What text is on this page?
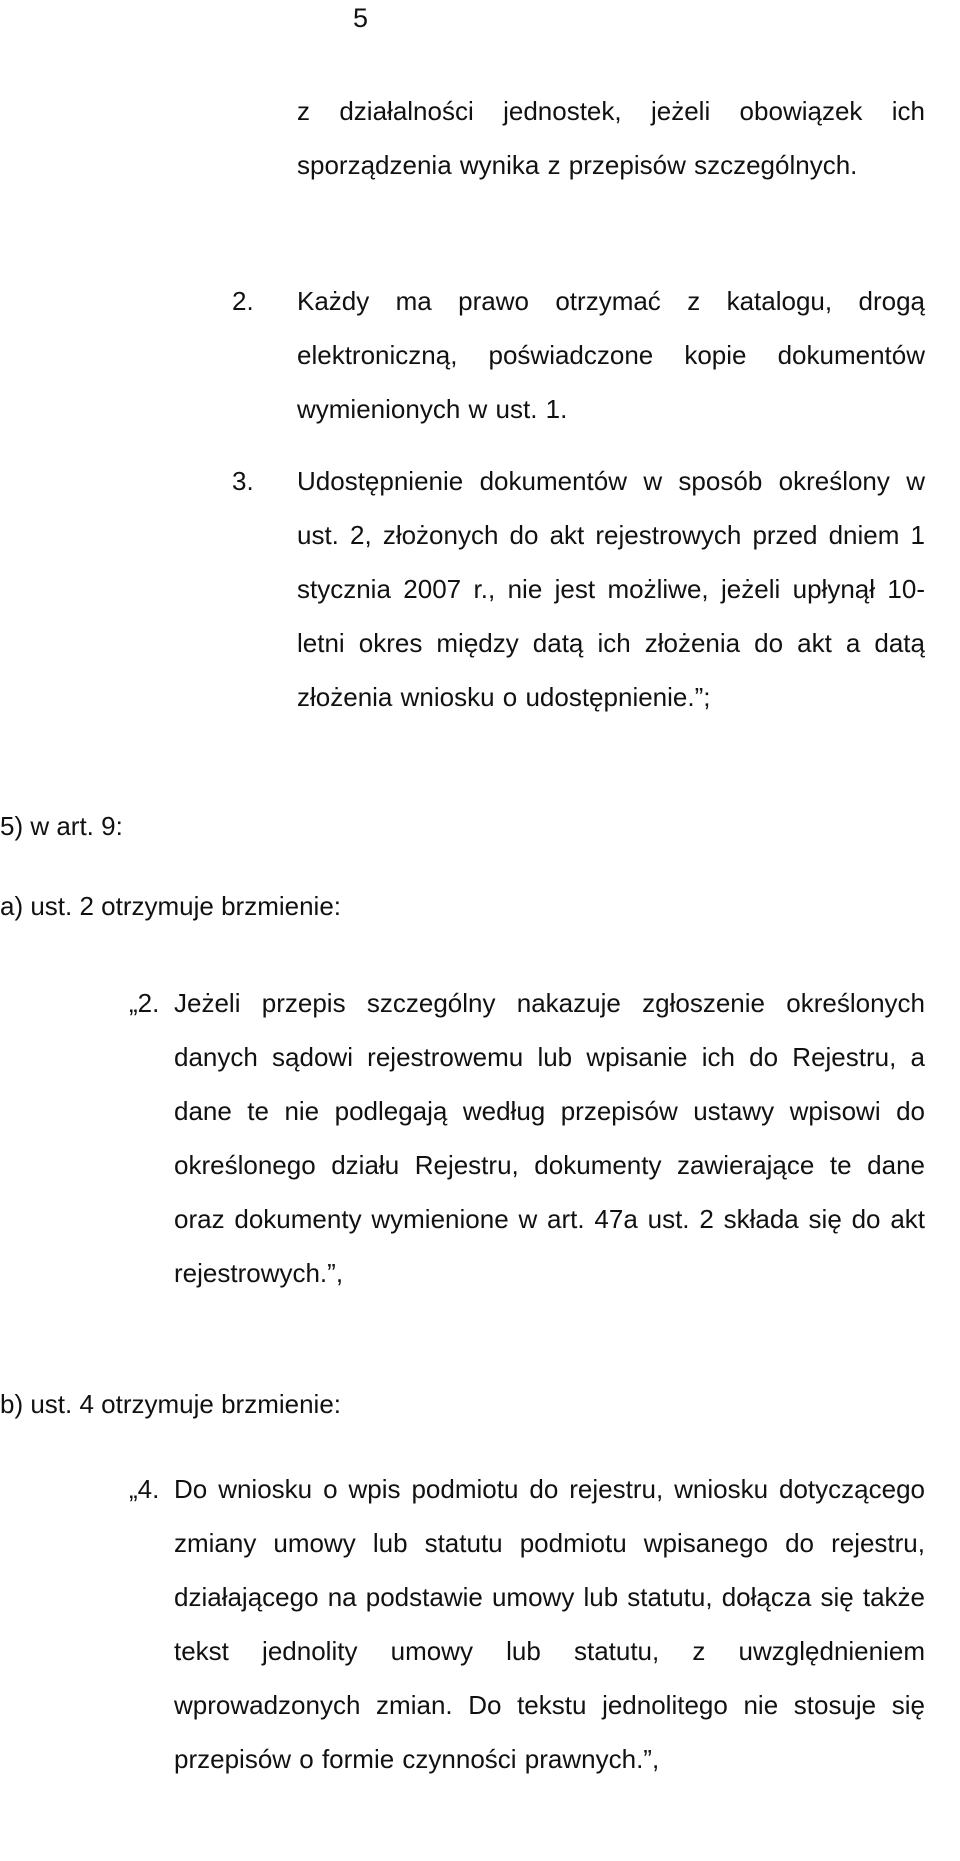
5
z działalności jednostek, jeżeli obowiązek ich sporządzenia wynika z przepisów szczególnych.
2. Każdy ma prawo otrzymać z katalogu, drogą elektroniczną, poświadczone kopie dokumentów wymienionych w ust. 1.
3. Udostępnienie dokumentów w sposób określony w ust. 2, złożonych do akt rejestrowych przed dniem 1 stycznia 2007 r., nie jest możliwe, jeżeli upłynął 10-letni okres między datą ich złożenia do akt a datą złożenia wniosku o udostępnienie.”;
5) w art. 9:
a) ust. 2 otrzymuje brzmienie:
„2. Jeżeli przepis szczególny nakazuje zgłoszenie określonych danych sądowi rejestrowemu lub wpisanie ich do Rejestru, a dane te nie podlegają według przepisów ustawy wpisowi do określonego działu Rejestru, dokumenty zawierające te dane oraz dokumenty wymienione w art. 47a ust. 2 składa się do akt rejestrowych.”,
b) ust. 4 otrzymuje brzmienie:
„4. Do wniosku o wpis podmiotu do rejestru, wniosku dotyczącego zmiany umowy lub statutu podmiotu wpisanego do rejestru, działającego na podstawie umowy lub statutu, dołącza się także tekst jednolity umowy lub statutu, z uwzględnieniem wprowadzonych zmian. Do tekstu jednolitego nie stosuje się przepisów o formie czynności prawnych.”,
